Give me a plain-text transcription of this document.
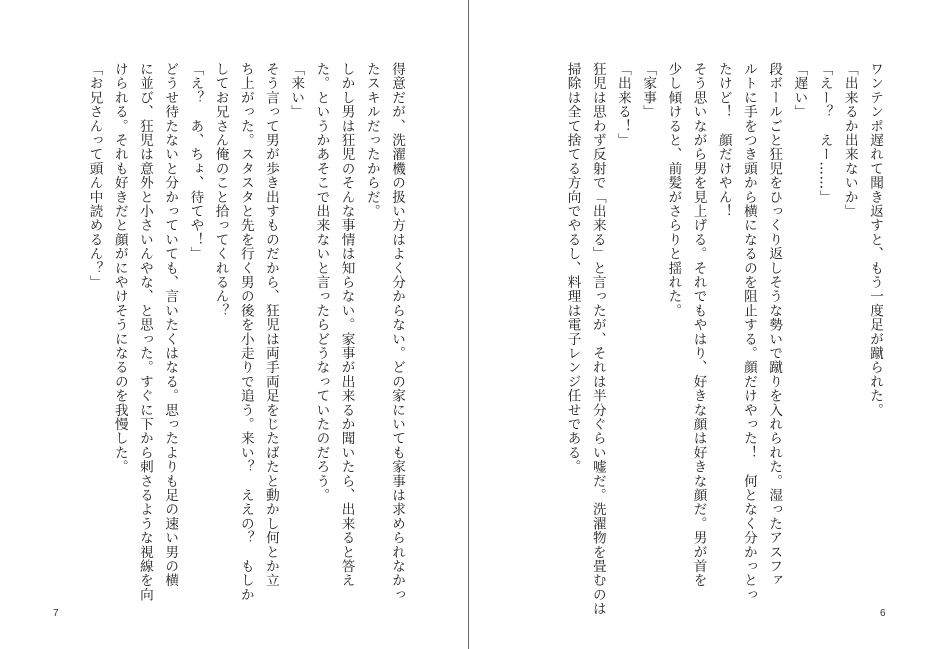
得意だが、洗濯機の扱い方はよく分からない。どの家にいても家事は求められなかっ
たスキルだったからだ。
しかし男は狂児のそんな事情は知らない。家事が出来るか聞いたら、出来ると答え
た。というかあそこで出来ないと言ったらどうなっていたのだろう。
「来い」
そう言って男が歩き出すものだから、狂児は両手両足をじたばたと動かし何とか立
ち上がった。スタスタと先を行く男の後を小走りで追う。来い？　ええの？　もしか
してお兄さん俺のこと拾ってくれるん？
「え？　あ、ちょ、待てや！」
どうせ待たないと分かっていても、言いたくはなる。思ったよりも足の速い男の横
に並び、狂児は意外と小さいんやな、と思った。すぐに下から刺さるような視線を向
けられる。それも好きだと顔がにやけそうになるのを我慢した。
「お兄さんって頭ん中読めるん？」
7
ワンテンポ遅れて聞き返すと、もう一度足が蹴られた。
「出来るか出来ないか」
「えー？　えー……」
「遅い」
段ボールごと狂児をひっくり返しそうな勢いで蹴りを入れられた。湿ったアスファ
ルトに手をつき頭から横になるのを阻止する。顔だけやった！　何となく分かっとっ
たけど！　顔だけやん！
そう思いながら男を見上げる。それでもやはり、好きな顔は好きな顔だ。男が首を
少し傾けると、前髪がさらりと揺れた。
「家事」
「出来る！」
狂児は思わず反射で「出来る」と言ったが、それは半分ぐらい嘘だ。洗濯物を畳むのは
掃除は全て捨てる方向でやるし、料理は電子レンジ任せである。
6
